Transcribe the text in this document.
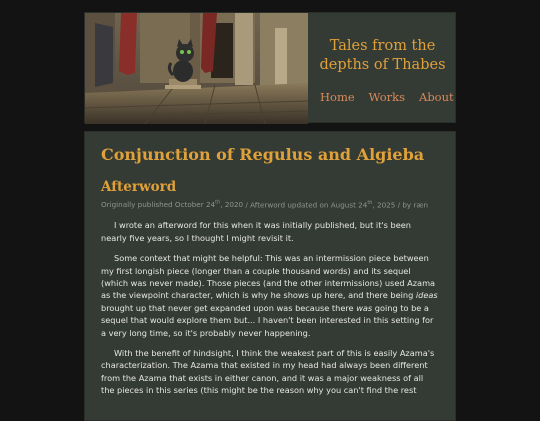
Tales from the
depths of Thabes
Home Works About
Conjunction of Regulus and Algieba
Afterword

Originally published October 24th, 2020 / Afterword updated on August 24th, 2025 / by ræn

I wrote an afterword for this when it was initially published, but it's been nearly five years, so I thought I might revisit it.

Some context that might be helpful: This was an intermission piece between my first longish piece (longer than a couple thousand words) and its sequel (which was never made). Those pieces (and the other intermissions) used Azama as the viewpoint character, which is why he shows up here, and there being ideas brought up that never get expanded upon was because there was going to be a sequel that would explore them but... I haven't been interested in this setting for a very long time, so it's probably never happening.

With the benefit of hindsight, I think the weakest part of this is easily Azama's characterization. The Azama that existed in my head had always been different from the Azama that exists in either canon, and it was a major weakness of all the pieces in this series (this might be the reason why you can't find the rest
